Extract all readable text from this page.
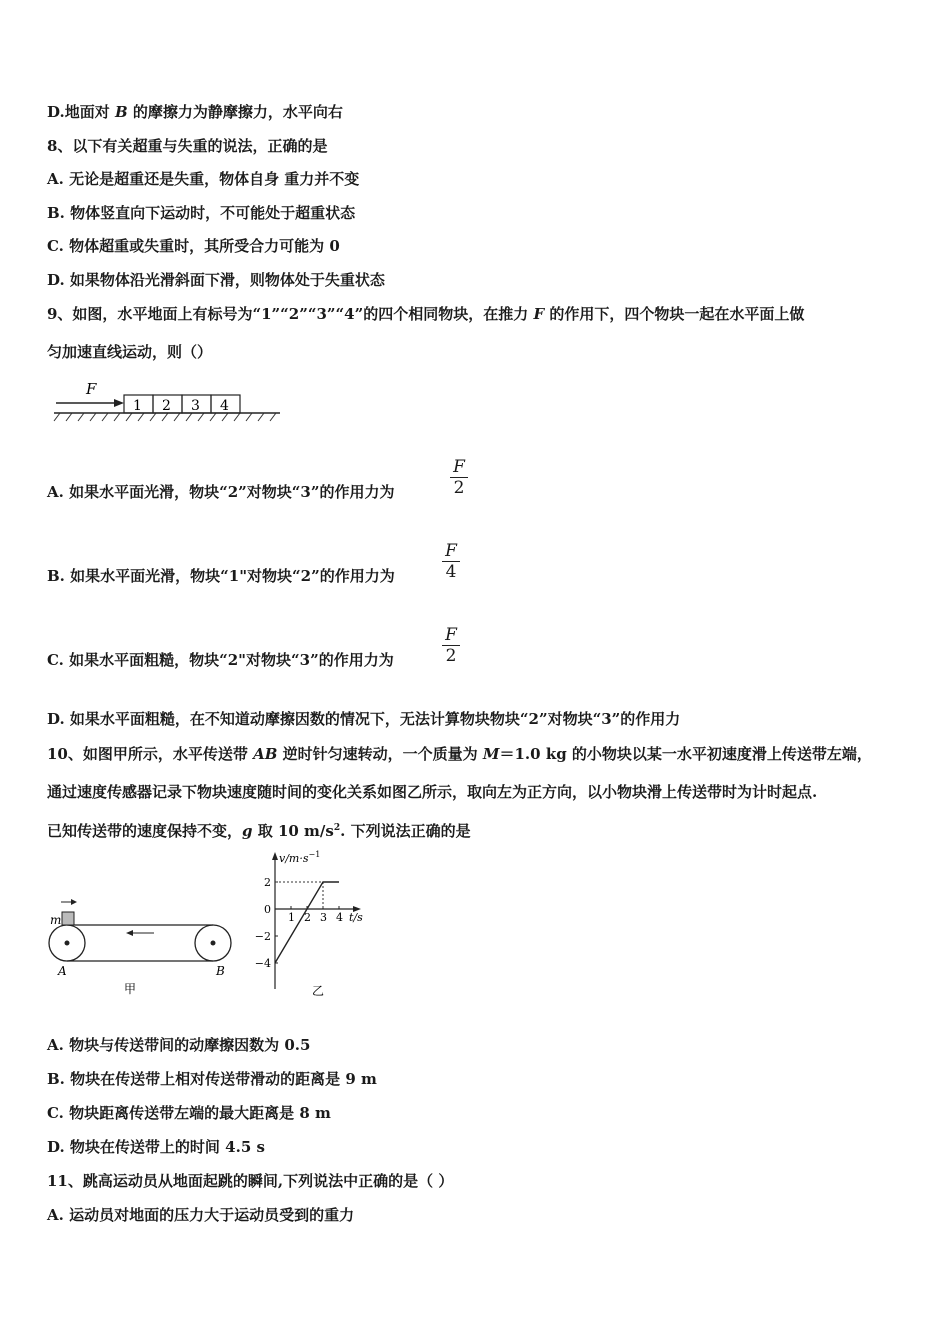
D.地面对 B 的摩擦力为静摩擦力，水平向右
8、以下有关超重与失重的说法，正确的是
A. 无论是超重还是失重，物体自身 重力并不变
B. 物体竖直向下运动时，不可能处于超重状态
C. 物体超重或失重时，其所受合力可能为 0
D. 如果物体沿光滑斜面下滑，则物体处于失重状态
9、如图，水平地面上有标号为“1”“2”“3”“4”的四个相同物块，在推力 F 的作用下，四个物块一起在水平面上做
匀加速直线运动，则（）
F
1 2 3 4
A. 如果水平面光滑，物块“2”对物块“3”的作用力为
F
2
B. 如果水平面光滑，物块“1"对物块“2”的作用力为
F
4
C. 如果水平面粗糙，物块“2"对物块“3”的作用力为
F
2
D. 如果水平面粗糙，在不知道动摩擦因数的情况下，无法计算物块物块“2”对物块“3”的作用力
10、如图甲所示，水平传送带 AB 逆时针匀速转动，一个质量为 M＝1.0 kg 的小物块以某一水平初速度滑上传送带左端，
通过速度传感器记录下物块速度随时间的变化关系如图乙所示，取向左为正方向，以小物块滑上传送带时为计时起点.
已知传送带的速度保持不变，g 取 10 $m/s^2$. 下列说法正确的是
m
A	B
甲
$v/m\cdot s^{-1}$
t/s
1 2 3 4
2
0
−2
−4
乙
A. 物块与传送带间的动摩擦因数为 0.5
B. 物块在传送带上相对传送带滑动的距离是 9 m
C. 物块距离传送带左端的最大距离是 8 m
D. 物块在传送带上的时间 4.5 s
11、跳高运动员从地面起跳的瞬间,下列说法中正确的是（ ）
A. 运动员对地面的压力大于运动员受到的重力
